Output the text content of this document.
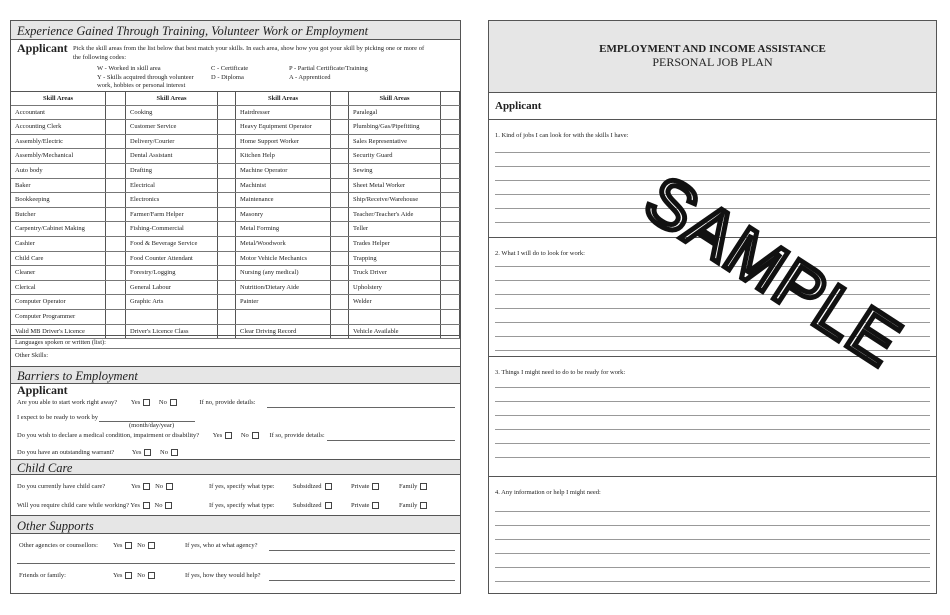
Experience Gained Through Training, Volunteer Work or Employment
Applicant Pick the skill areas from the list below that best match your skills. In each area, show how you got your skill by picking one or more of the following codes:
W - Worked in skill area
Y - Skills acquired through volunteer work, hobbies or personal interest
C - Certificate
D - Diploma
P - Partial Certificate/Training
A - Apprenticed
Skill Areas	Skill Areas	Skill Areas	Skill Areas
Accountant	Cooking	Hairdresser	Paralegal
Accounting Clerk	Customer Service	Heavy Equipment Operator	Plumbing/Gas/Pipefitting
Assembly/Electric	Delivery/Courier	Home Support Worker	Sales Representative
Assembly/Mechanical	Dental Assistant	Kitchen Help	Security Guard
Auto body	Drafting	Machine Operator	Sewing
Baker	Electrical	Machinist	Sheet Metal Worker
Bookkeeping	Electronics	Maintenance	Ship/Receive/Warehouse
Butcher	Farmer/Farm Helper	Masonry	Teacher/Teacher's Aide
Carpentry/Cabinet Making	Fishing-Commercial	Metal Forming	Teller
Cashier	Food & Beverage Service	Metal/Woodwork	Trades Helper
Child Care	Food Counter Attendant	Motor Vehicle Mechanics	Trapping
Cleaner	Forestry/Logging	Nursing (any medical)	Truck Driver
Clerical	General Labour	Nutrition/Dietary Aide	Upholstery
Computer Operator	Graphic Arts	Painter	Welder
Computer Programmer
Valid MB Driver's Licence	Driver's Licence Class	Clear Driving Record	Vehicle Available
Languages spoken or written (list):
Other Skills:
Barriers to Employment
Applicant
Are you able to start work right away? Yes	No	If no, provide details:
I expect to be ready to work by
(month/day/year)
Do you wish to declare a medical condition, impairment or disability? Yes	No	If so, provide details:
Do you have an outstanding warrant?	Yes	No
Child Care
Do you currently have child care?	Yes No	If yes, specify what type:	Subsidized	Private	Family
Will you require child care while working? Yes No	If yes, specify what type:	Subsidized	Private	Family
Other Supports
Other agencies or counsellors: Yes No	If yes, who at what agency?
Friends or family:	Yes No	If yes, how they would help?
EMPLOYMENT AND INCOME ASSISTANCE
PERSONAL JOB PLAN
Applicant
1. Kind of jobs I can look for with the skills I have:
2. What I will do to look for work:
3. Things I might need to do to be ready for work:
4. Any information or help I might need:
SAMPLE
